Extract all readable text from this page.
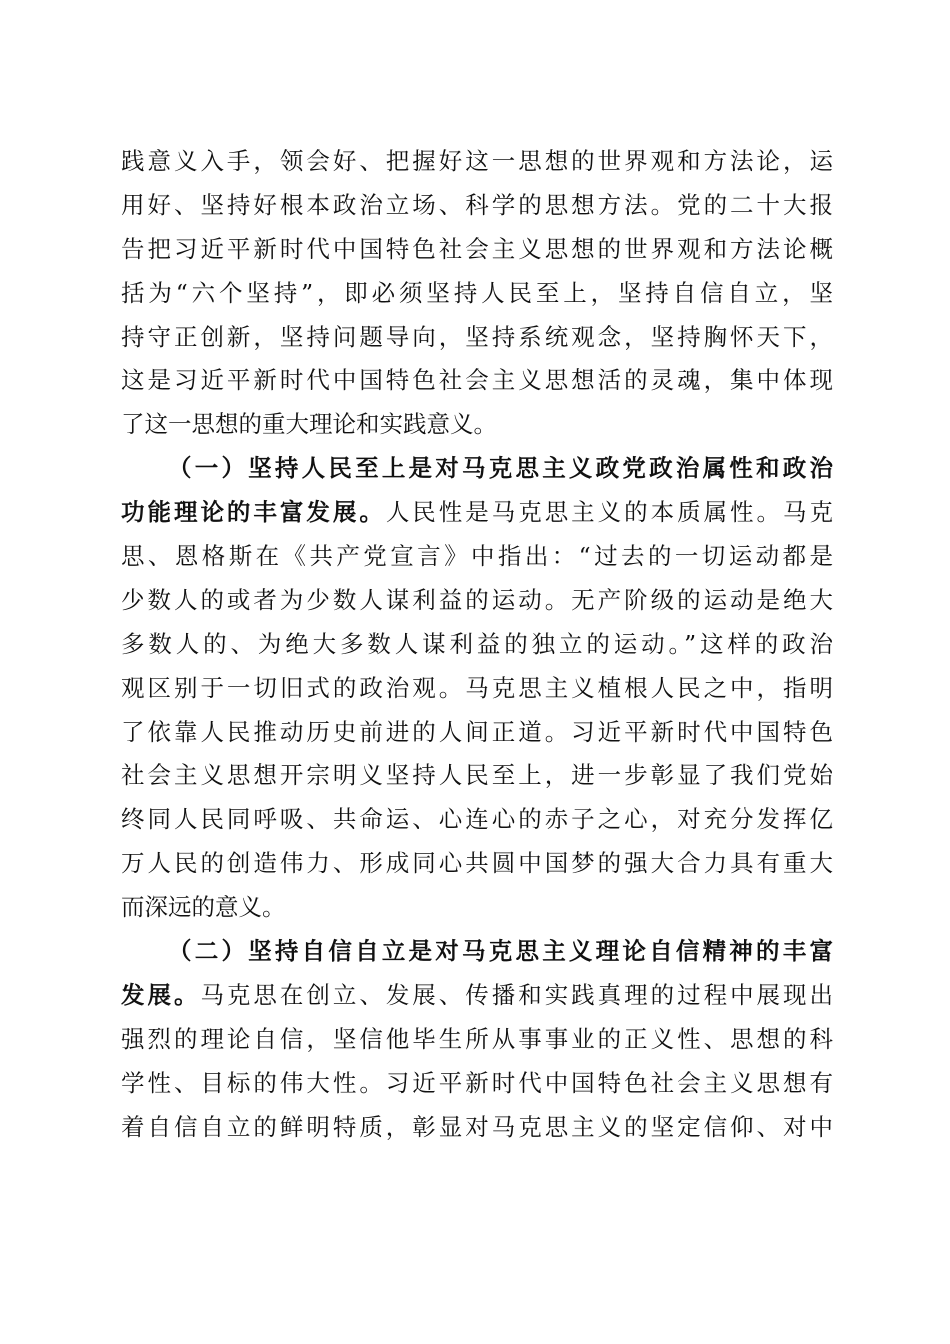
践意义入手，领会好、把握好这一思想的世界观和方法论，运
用好、坚持好根本政治立场、科学的思想方法。党的二十大报
告把习近平新时代中国特色社会主义思想的世界观和方法论概
括为“六个坚持”，即必须坚持人民至上，坚持自信自立，坚
持守正创新，坚持问题导向，坚持系统观念，坚持胸怀天下，
这是习近平新时代中国特色社会主义思想活的灵魂，集中体现
了这一思想的重大理论和实践意义。
（一）坚持人民至上是对马克思主义政党政治属性和政治
功能理论的丰富发展。人民性是马克思主义的本质属性。马克
思、恩格斯在《共产党宣言》中指出：“过去的一切运动都是
少数人的或者为少数人谋利益的运动。无产阶级的运动是绝大
多数人的、为绝大多数人谋利益的独立的运动。”这样的政治
观区别于一切旧式的政治观。马克思主义植根人民之中，指明
了依靠人民推动历史前进的人间正道。习近平新时代中国特色
社会主义思想开宗明义坚持人民至上，进一步彰显了我们党始
终同人民同呼吸、共命运、心连心的赤子之心，对充分发挥亿
万人民的创造伟力、形成同心共圆中国梦的强大合力具有重大
而深远的意义。
（二）坚持自信自立是对马克思主义理论自信精神的丰富
发展。马克思在创立、发展、传播和实践真理的过程中展现出
强烈的理论自信，坚信他毕生所从事事业的正义性、思想的科
学性、目标的伟大性。习近平新时代中国特色社会主义思想有
着自信自立的鲜明特质，彰显对马克思主义的坚定信仰、对中
